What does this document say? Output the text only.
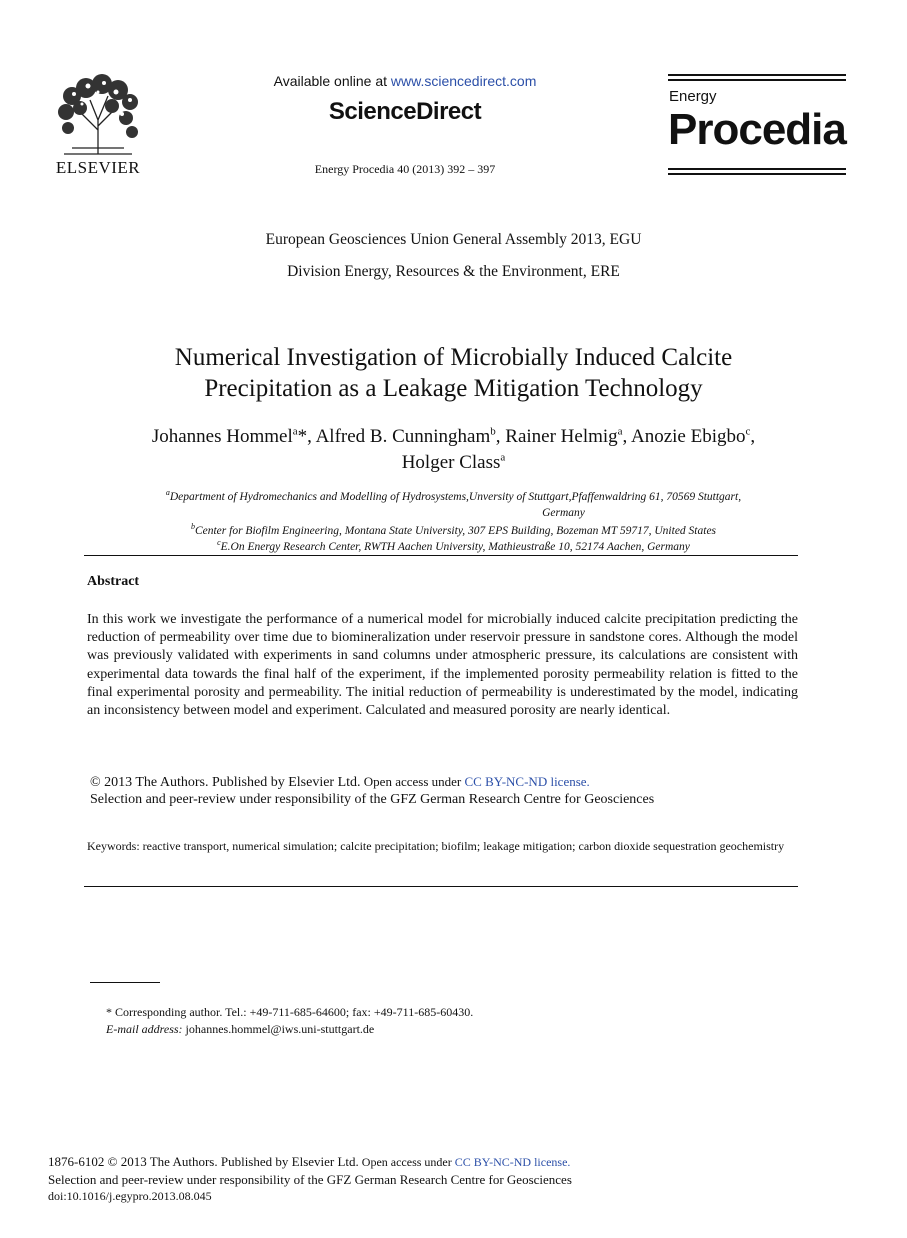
ELSEVIER
Available online at www.sciencedirect.com
ScienceDirect
Energy Procedia 40 (2013) 392 – 397
Energy
Procedia
European Geosciences Union General Assembly 2013, EGU
Division Energy, Resources & the Environment, ERE
Numerical Investigation of Microbially Induced Calcite
Precipitation as a Leakage Mitigation Technology
Johannes Hommel$^a$*, Alfred B. Cunningham$^b$, Rainer Helmig$^a$, Anozie Ebigbo$^c$,
Holger Class$^a$
$^a$Department of Hydromechanics and Modelling of Hydrosystems,Unversity of Stuttgart,Pfaffenwaldring 61, 70569 Stuttgart,
Germany
$^b$Center for Biofilm Engineering, Montana State University, 307 EPS Building, Bozeman MT 59717, United States
$^c$E.On Energy Research Center, RWTH Aachen University, Mathieustraße 10, 52174 Aachen, Germany
Abstract
In this work we investigate the performance of a numerical model for microbially induced calcite precipitation predicting the reduction of permeability over time due to biomineralization under reservoir pressure in sandstone cores. Although the model was previously validated with experiments in sand columns under atmospheric pressure, its calculations are consistent with experimental data towards the final half of the experiment, if the implemented porosity permeability relation is fitted to the final experimental porosity and permeability. The initial reduction of permeability is underestimated by the model, indicating an inconsistency between model and experiment. Calculated and measured porosity are nearly identical.
© 2013 The Authors. Published by Elsevier Ltd. Open access under CC BY-NC-ND license.
Selection and peer-review under responsibility of the GFZ German Research Centre for Geosciences
Keywords: reactive transport, numerical simulation; calcite precipitation; biofilm; leakage mitigation; carbon dioxide sequestration geochemistry
* Corresponding author. Tel.: +49-711-685-64600; fax: +49-711-685-60430.
E-mail address: johannes.hommel@iws.uni-stuttgart.de
1876-6102 © 2013 The Authors. Published by Elsevier Ltd. Open access under CC BY-NC-ND license.
Selection and peer-review under responsibility of the GFZ German Research Centre for Geosciences
doi:10.1016/j.egypro.2013.08.045
